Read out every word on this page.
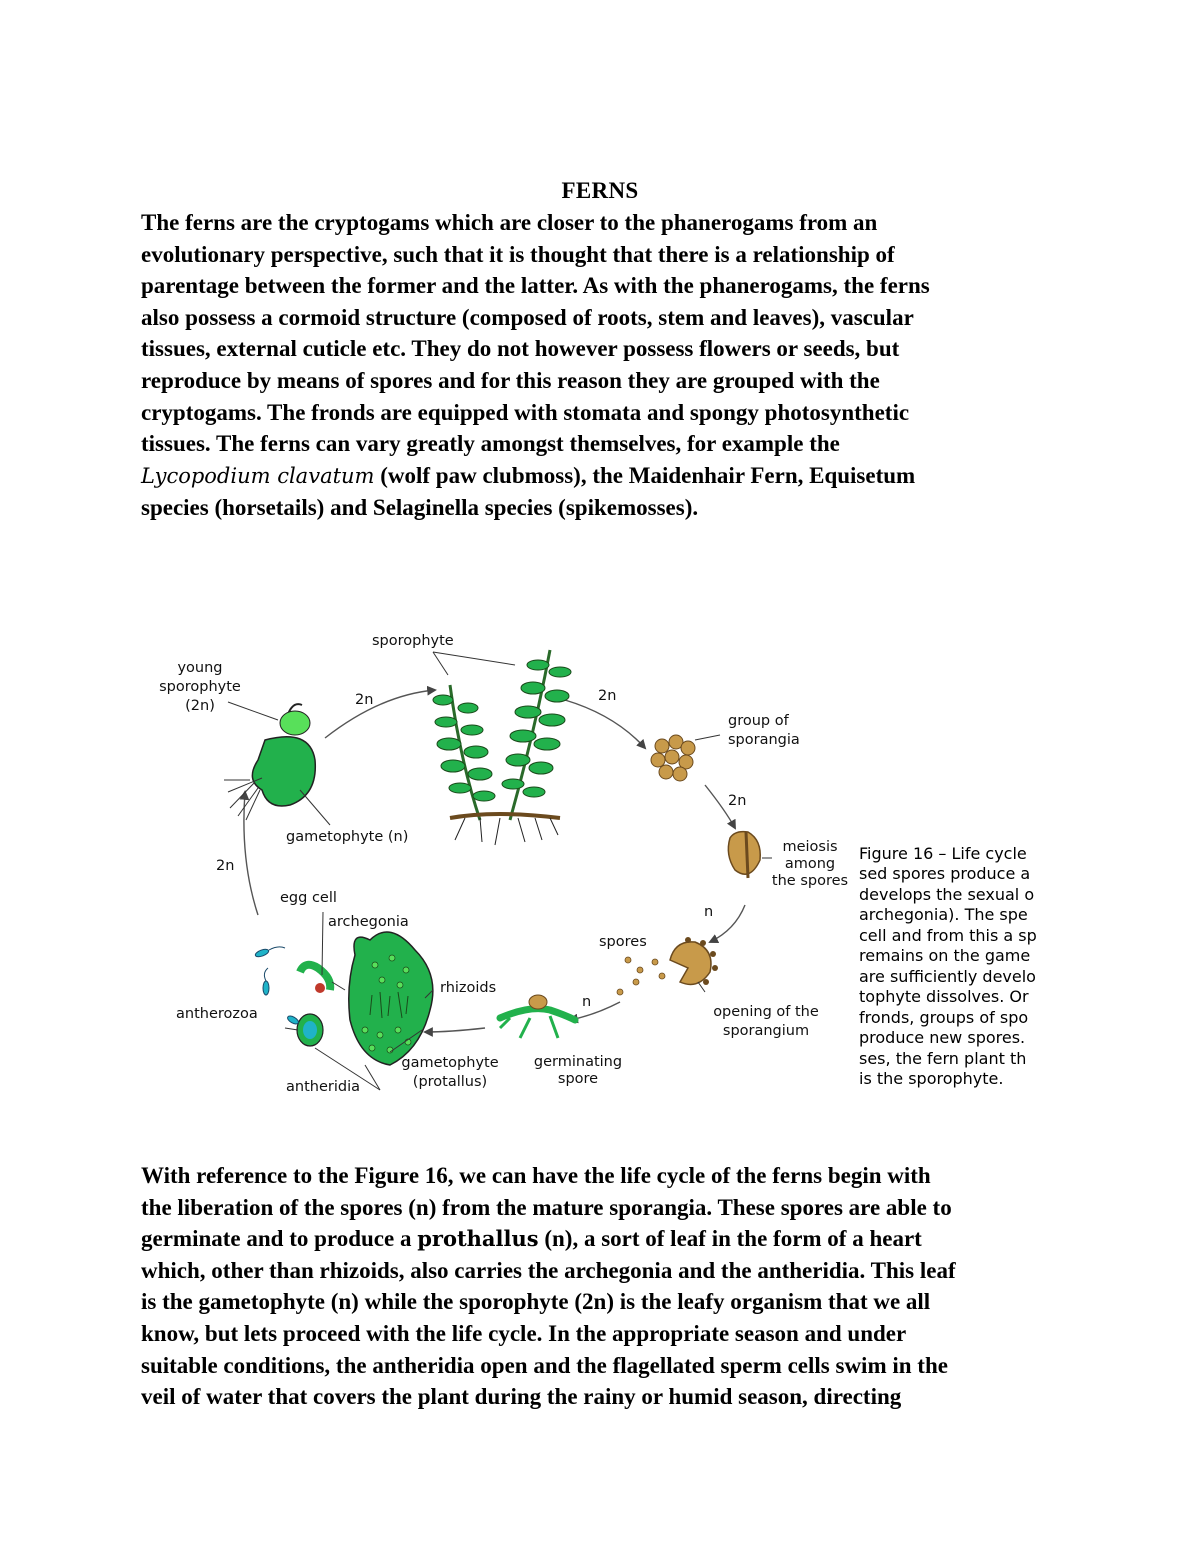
FERNS
The ferns are the cryptogams which are closer to the phanerogams from an
evolutionary perspective, such that it is thought that there is a relationship of
parentage between the former and the latter. As with the phanerogams, the ferns
also possess a cormoid structure (composed of roots, stem and leaves), vascular
tissues, external cuticle etc. They do not however possess flowers or seeds, but
reproduce by means of spores and for this reason they are grouped with the
cryptogams. The fronds are equipped with stomata and spongy photosynthetic
tissues. The ferns can vary greatly amongst themselves, for example the
Lycopodium clavatum (wolf paw clubmoss), the Maidenhair Fern, Equisetum
species (horsetails) and Selaginella species (spikemosses).
sporophyte
young
sporophyte
(2n)	2n	2n
group of
sporangia
2n
gametophyte (n)
2n
meiosis
among
the spores
egg cell
archegonia
n
spores
rhizoids
n
antherozoa	opening of the
sporangium
gametophyte
(protallus)
germinating
spore
antheridia
Figure 16 – Life cycle
sed spores produce a
develops the sexual o
archegonia). The spe
cell and from this a sp
remains on the game
are sufficiently develo
tophyte dissolves. Or
fronds, groups of spo
produce new spores.
ses, the fern plant th
is the sporophyte.
With reference to the Figure 16, we can have the life cycle of the ferns begin with
the liberation of the spores (n) from the mature sporangia. These spores are able to
germinate and to produce a prothallus (n), a sort of leaf in the form of a heart
which, other than rhizoids, also carries the archegonia and the antheridia. This leaf
is the gametophyte (n) while the sporophyte (2n) is the leafy organism that we all
know, but lets proceed with the life cycle. In the appropriate season and under
suitable conditions, the antheridia open and the flagellated sperm cells swim in the
veil of water that covers the plant during the rainy or humid season, directing
